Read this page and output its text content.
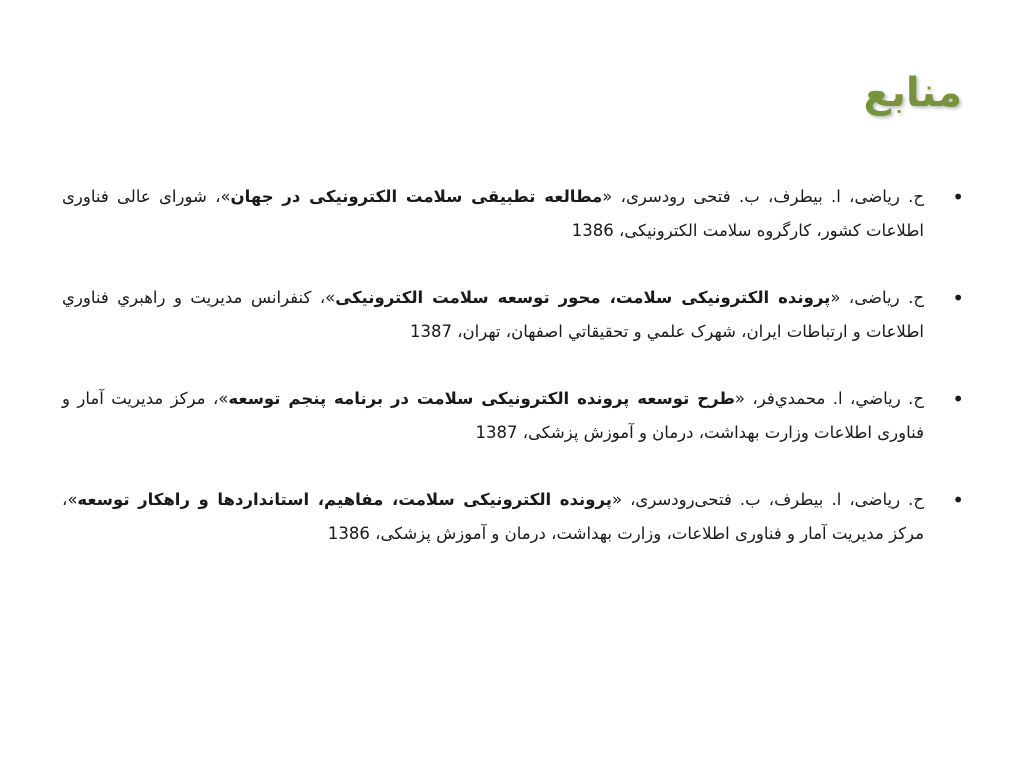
منابع
•
ح. رياضی، ا. بيطرف، ب. فتحی رودسری، «مطالعه تطبیقی سلامت الکترونیکی در جهان»، شورای عالی فناوری اطلاعات کشور، کارگروه سلامت الکترونیکی، 1386
•
ح. رياضی، «پرونده الکترونیکی سلامت، محور توسعه سلامت الکترونیکی»، کنفرانس مدیریت و راهبري فناوري اطلاعات و ارتباطات ايران، شهرک علمي و تحقيقاتي اصفهان، تهران، 1387
•
ح. رياضي، ا. محمدي‌فر، «طرح توسعه پرونده الکترونیکی سلامت در برنامه پنجم توسعه»، مرکز مدیریت آمار و فناوری اطلاعات وزارت بهداشت، درمان و آموزش پزشکی، 1387
•
ح. رياضی، ا. بيطرف، ب. فتحی‌رودسری، «پرونده الکترونیکی سلامت، مفاهیم، استانداردها و راهکار توسعه»، مرکز مدیریت آمار و فناوری اطلاعات، وزارت بهداشت، درمان و آموزش پزشکی، 1386
